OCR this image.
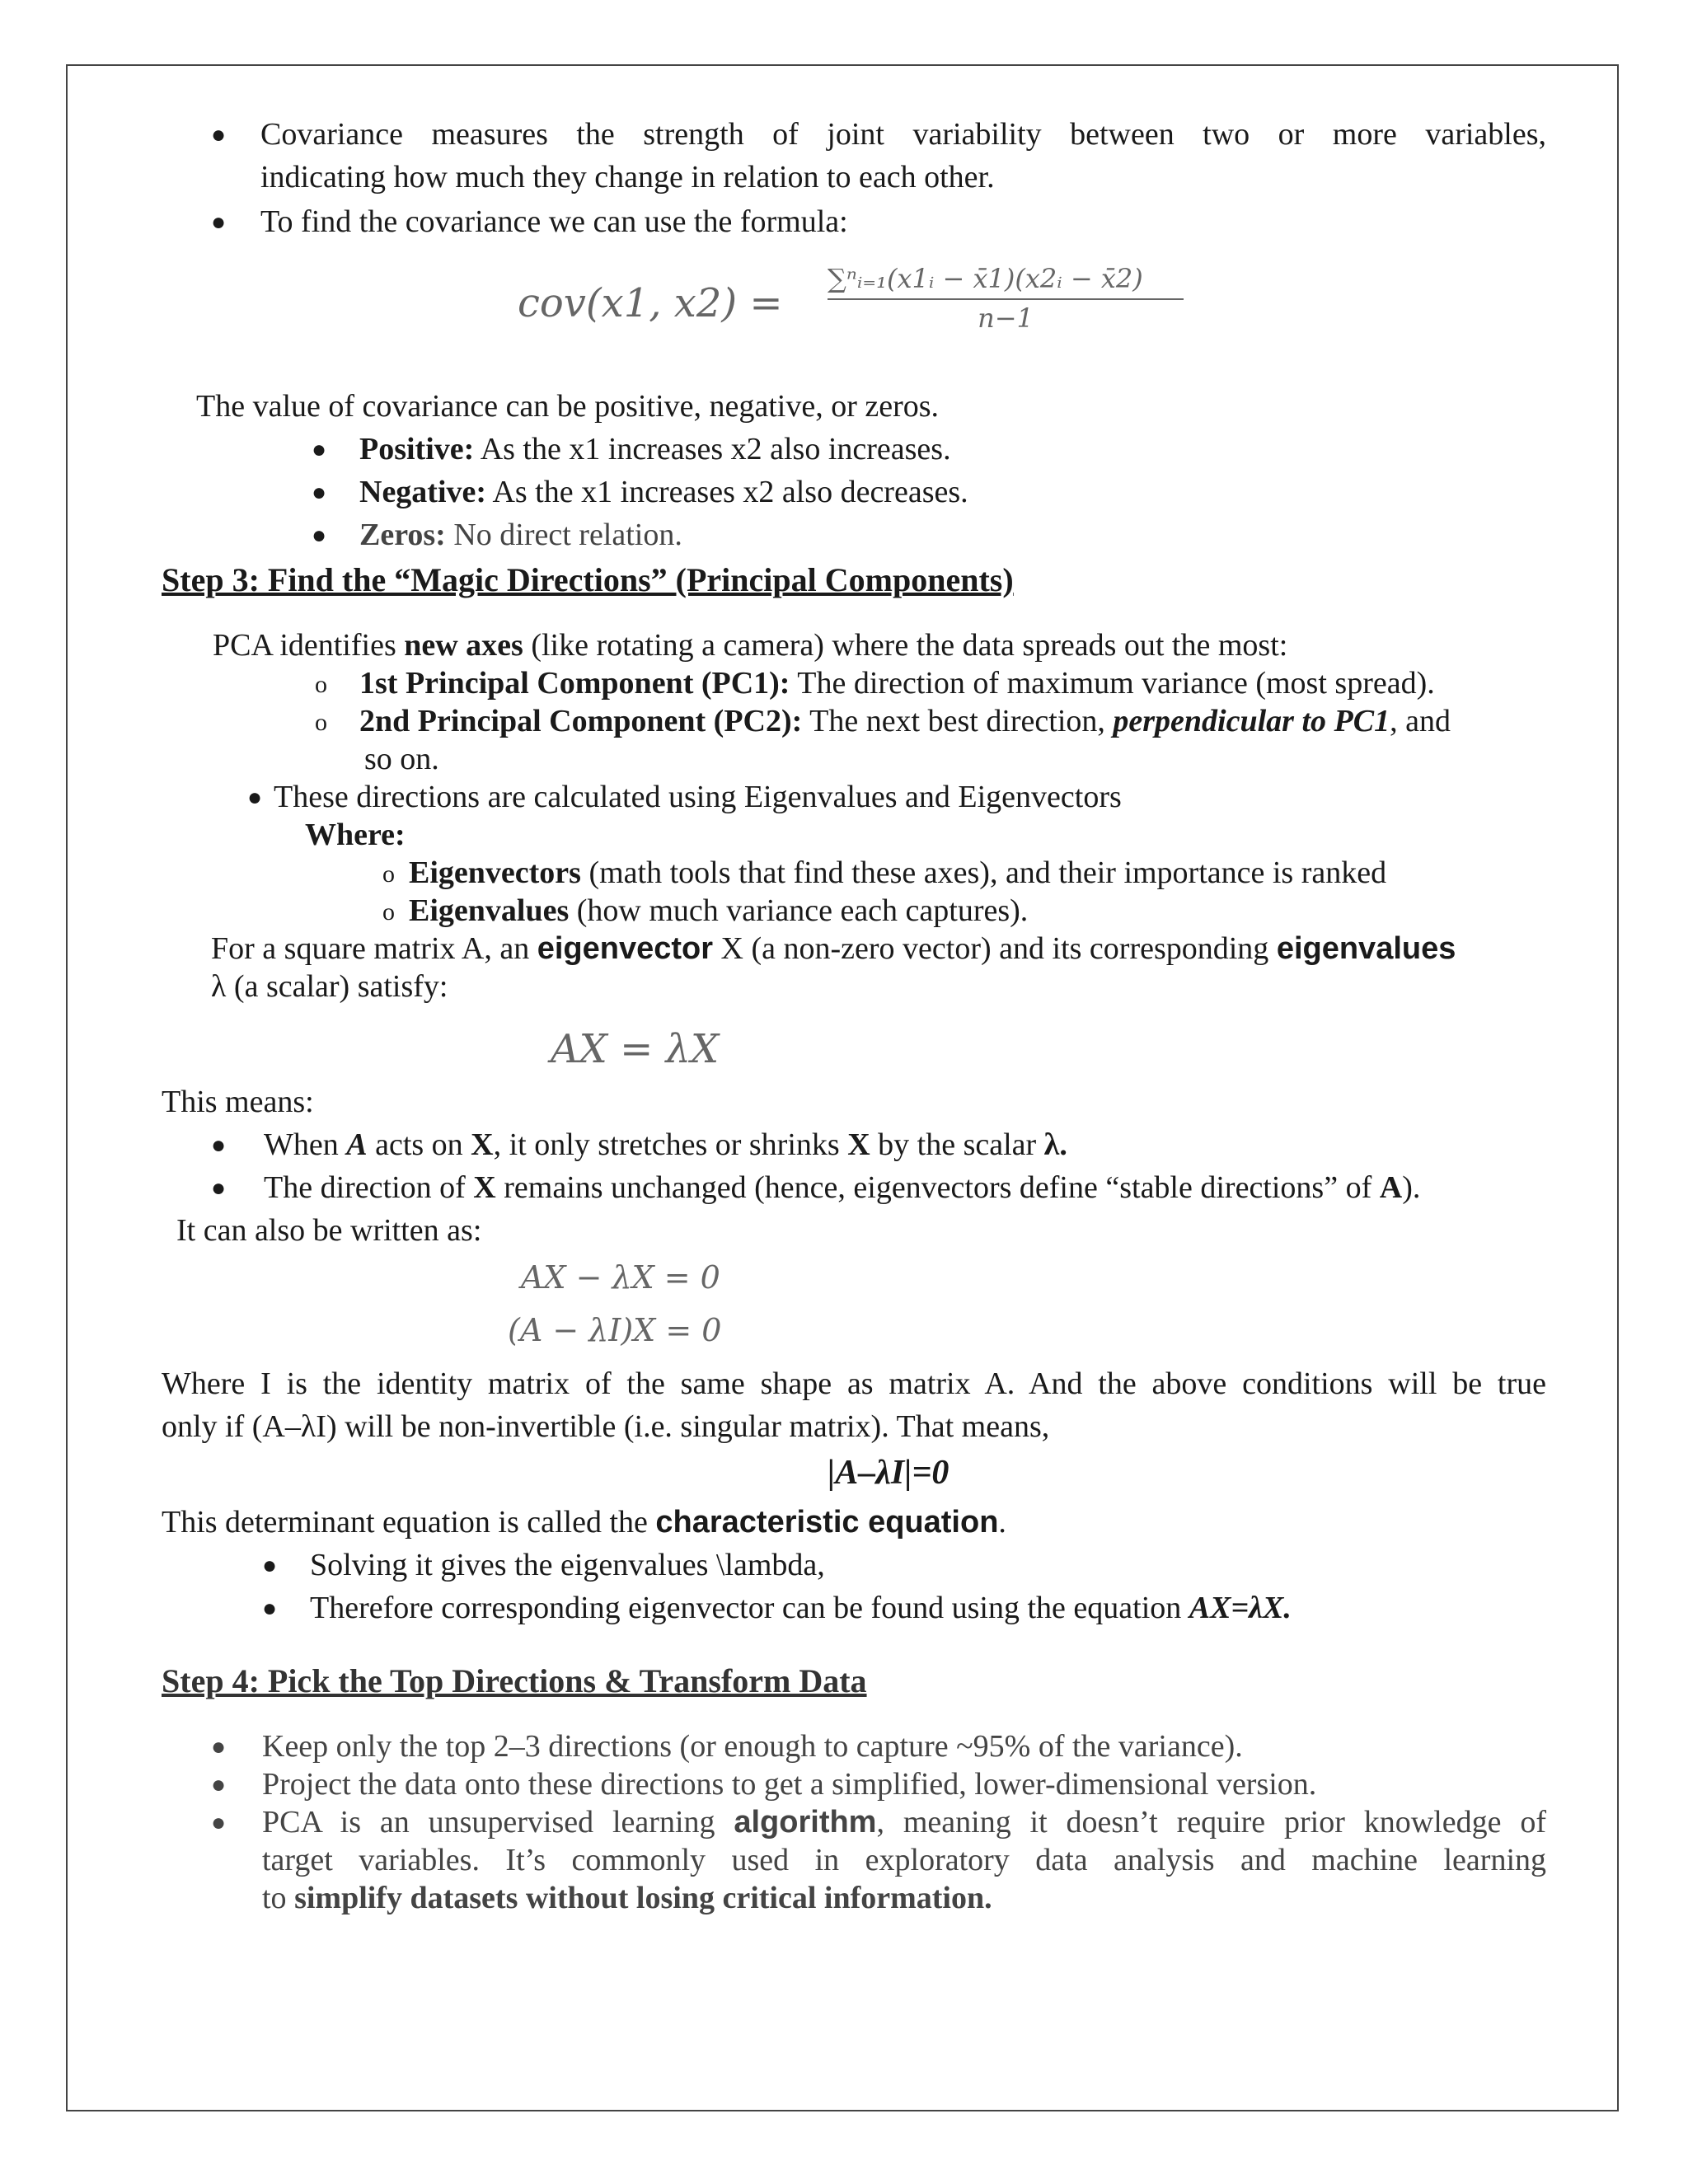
● Covariance measures the strength of joint variability between two or more variables,
indicating how much they change in relation to each other.
● To find the covariance we can use the formula:
cov(x1, x2) =
∑ⁿᵢ₌₁(x1ᵢ − x̄1)(x2ᵢ − x̄2)
n−1
The value of covariance can be positive, negative, or zeros.
● Positive: As the x1 increases x2 also increases.
● Negative: As the x1 increases x2 also decreases.
● Zeros: No direct relation.
Step 3: Find the “Magic Directions” (Principal Components)
PCA identifies new axes (like rotating a camera) where the data spreads out the most:
o 1st Principal Component (PC1): The direction of maximum variance (most spread).
o 2nd Principal Component (PC2): The next best direction, perpendicular to PC1, and
so on.
● These directions are calculated using Eigenvalues and Eigenvectors
Where:
o Eigenvectors (math tools that find these axes), and their importance is ranked
o Eigenvalues (how much variance each captures).
For a square matrix A, an eigenvector X (a non-zero vector) and its corresponding eigenvalues
λ (a scalar) satisfy:
AX = λX
This means:
● When A acts on X, it only stretches or shrinks X by the scalar λ.
● The direction of X remains unchanged (hence, eigenvectors define “stable directions” of A).
It can also be written as:
AX − λX = 0
(A − λI)X = 0
Where I is the identity matrix of the same shape as matrix A. And the above conditions will be true
only if (A–λI) will be non-invertible (i.e. singular matrix). That means,
|A–λI|=0
This determinant equation is called the characteristic equation.
● Solving it gives the eigenvalues \lambda,
● Therefore corresponding eigenvector can be found using the equation AX=λX.
Step 4: Pick the Top Directions & Transform Data
● Keep only the top 2–3 directions (or enough to capture ~95% of the variance).
● Project the data onto these directions to get a simplified, lower-dimensional version.
● PCA is an unsupervised learning algorithm, meaning it doesn’t require prior knowledge of
target variables. It’s commonly used in exploratory data analysis and machine learning
to simplify datasets without losing critical information.
